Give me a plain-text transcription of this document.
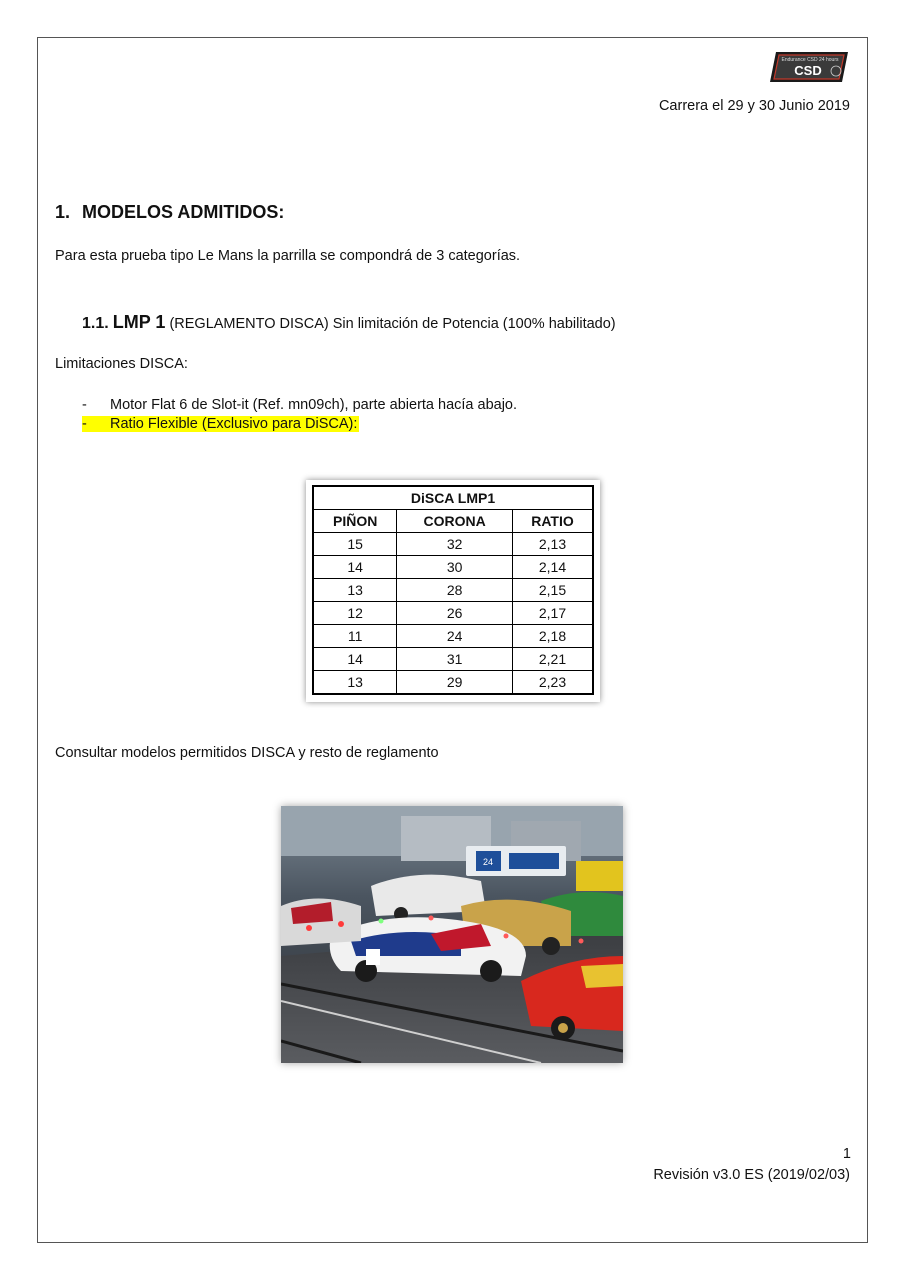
Endurance CSD 24 hours
CSD
Carrera el 29 y 30 Junio 2019
1. MODELOS ADMITIDOS:
Para esta prueba tipo Le Mans la parrilla se compondrá de 3 categorías.
1.1. LMP 1 (REGLAMENTO DISCA) Sin limitación de Potencia (100% habilitado)
Limitaciones DISCA:
- Motor Flat 6 de Slot-it (Ref. mn09ch), parte abierta hacía abajo.
- Ratio Flexible (Exclusivo para DiSCA):
DiSCA LMP1		
PIÑON	CORONA	RATIO
15	32	2,13
14	30	2,14
13	28	2,15
12	26	2,17
11	24	2,18
14	31	2,21
13	29	2,23
Consultar modelos permitidos DISCA y resto de reglamento
24
1
Revisión v3.0 ES (2019/02/03)
